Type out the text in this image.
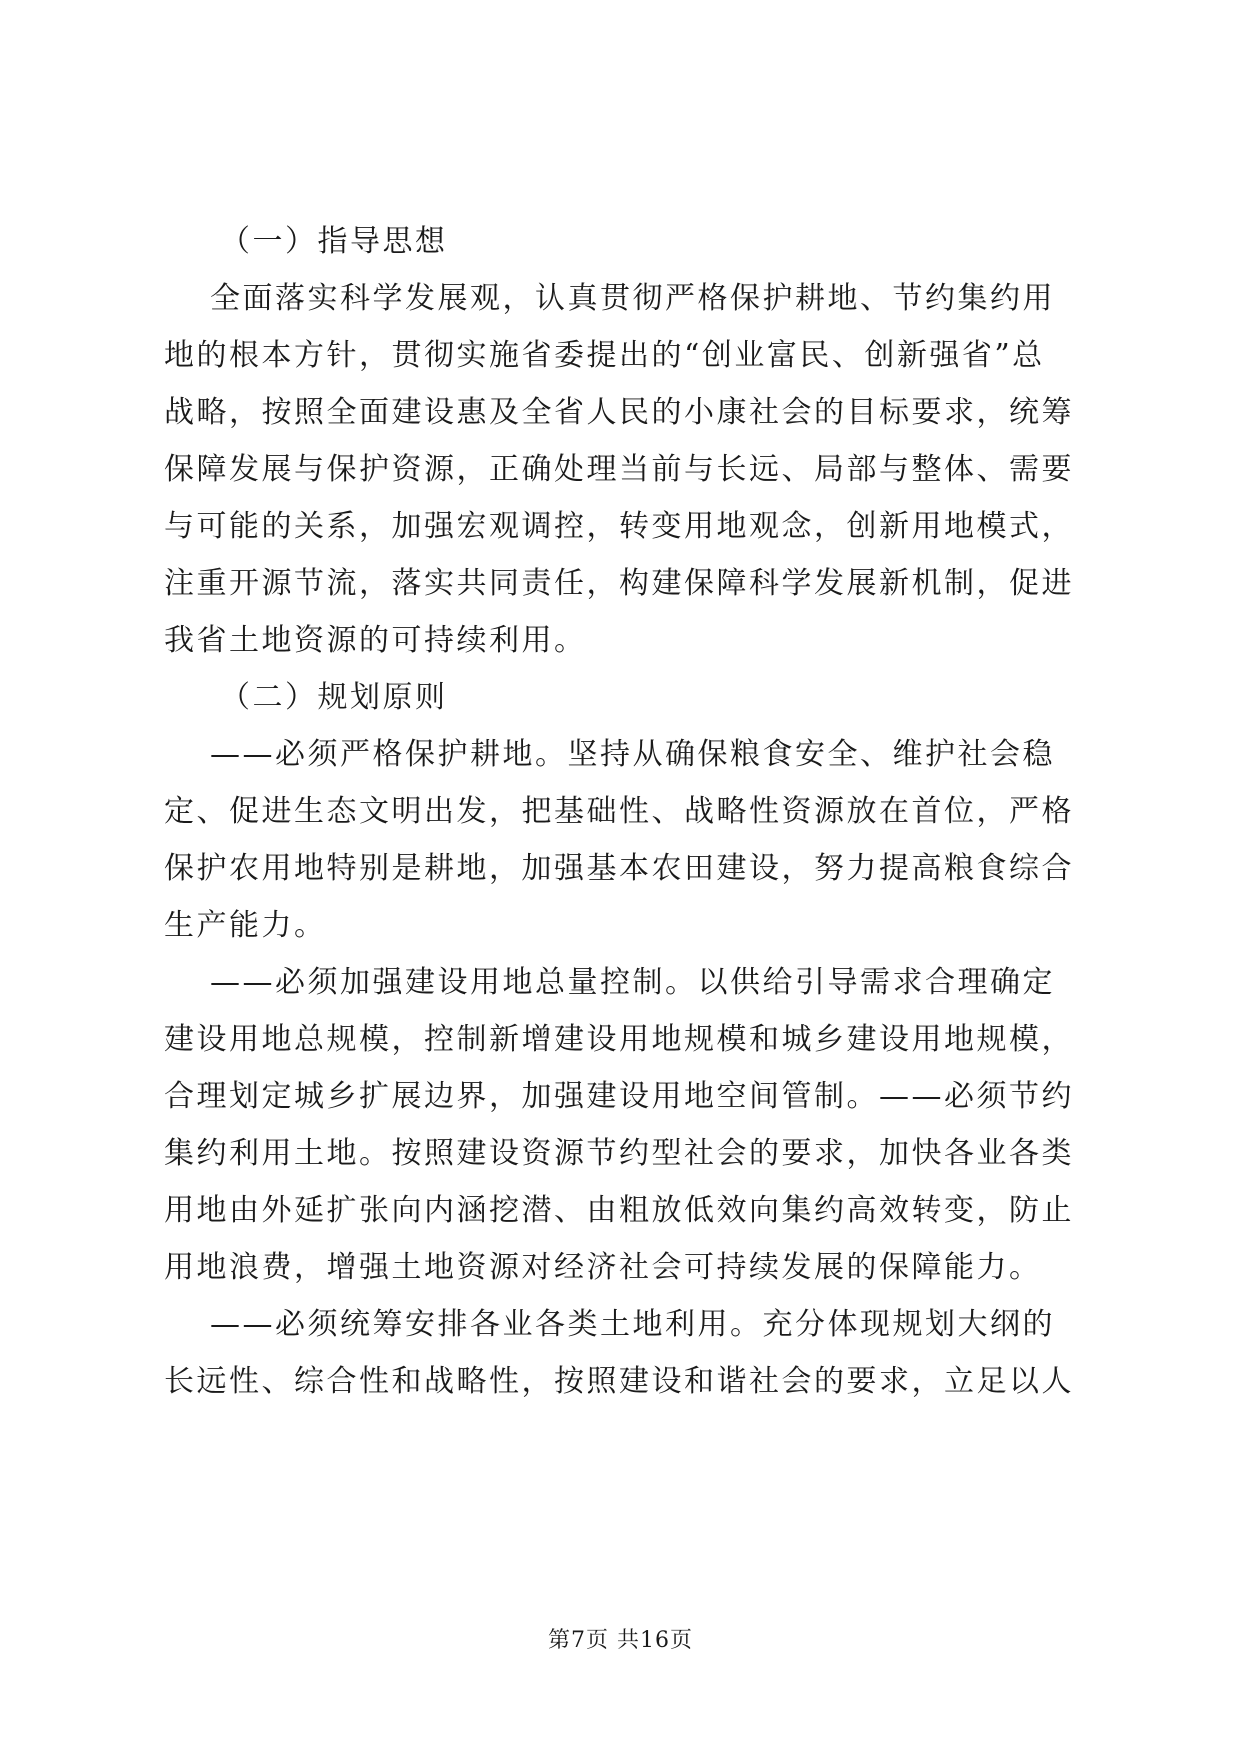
（一）指导思想
全面落实科学发展观，认真贯彻严格保护耕地、节约集约用
地的根本方针，贯彻实施省委提出的“创业富民、创新强省”总
战略，按照全面建设惠及全省人民的小康社会的目标要求，统筹
保障发展与保护资源，正确处理当前与长远、局部与整体、需要
与可能的关系，加强宏观调控，转变用地观念，创新用地模式，
注重开源节流，落实共同责任，构建保障科学发展新机制，促进
我省土地资源的可持续利用。
（二）规划原则
——必须严格保护耕地。坚持从确保粮食安全、维护社会稳
定、促进生态文明出发，把基础性、战略性资源放在首位，严格
保护农用地特别是耕地，加强基本农田建设，努力提高粮食综合
生产能力。
——必须加强建设用地总量控制。以供给引导需求合理确定
建设用地总规模，控制新增建设用地规模和城乡建设用地规模，
合理划定城乡扩展边界，加强建设用地空间管制。——必须节约
集约利用土地。按照建设资源节约型社会的要求，加快各业各类
用地由外延扩张向内涵挖潜、由粗放低效向集约高效转变，防止
用地浪费，增强土地资源对经济社会可持续发展的保障能力。
——必须统筹安排各业各类土地利用。充分体现规划大纲的
长远性、综合性和战略性，按照建设和谐社会的要求，立足以人
第7页 共16页
